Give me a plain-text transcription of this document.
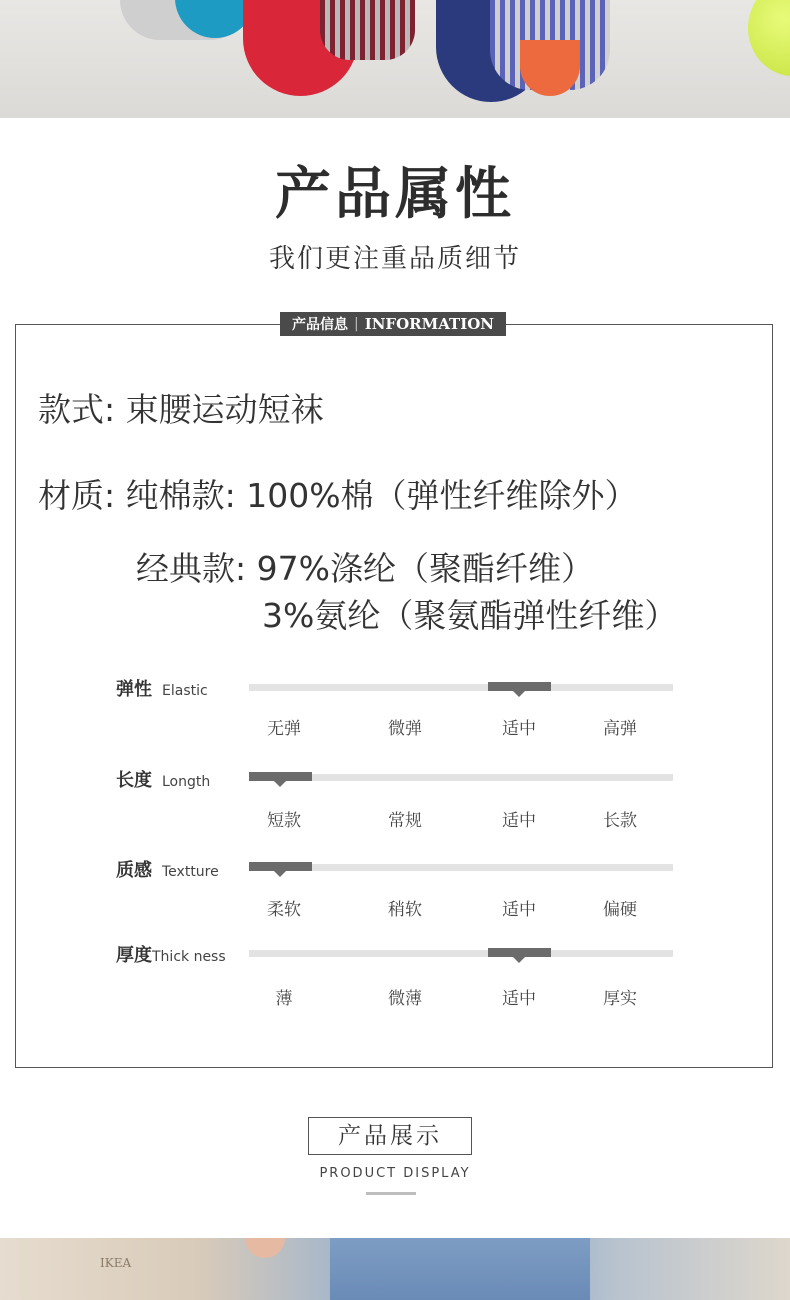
产品属性
我们更注重品质细节
产品信息 | INFORMATION
款式: 束腰运动短袜
材质: 纯棉款: 100%棉（弹性纤维除外）
经典款: 97%涤纶（聚酯纤维）
3%氨纶（聚氨酯弹性纤维）
弹性 Elastic
无弹	微弹	适中	高弹
长度 Longth
短款	常规	适中	长款
质感 Textture
柔软	稍软	适中	偏硬
厚度Thick ness
薄	微薄	适中	厚实
产品展示
PRODUCT DISPLAY
IKEA
